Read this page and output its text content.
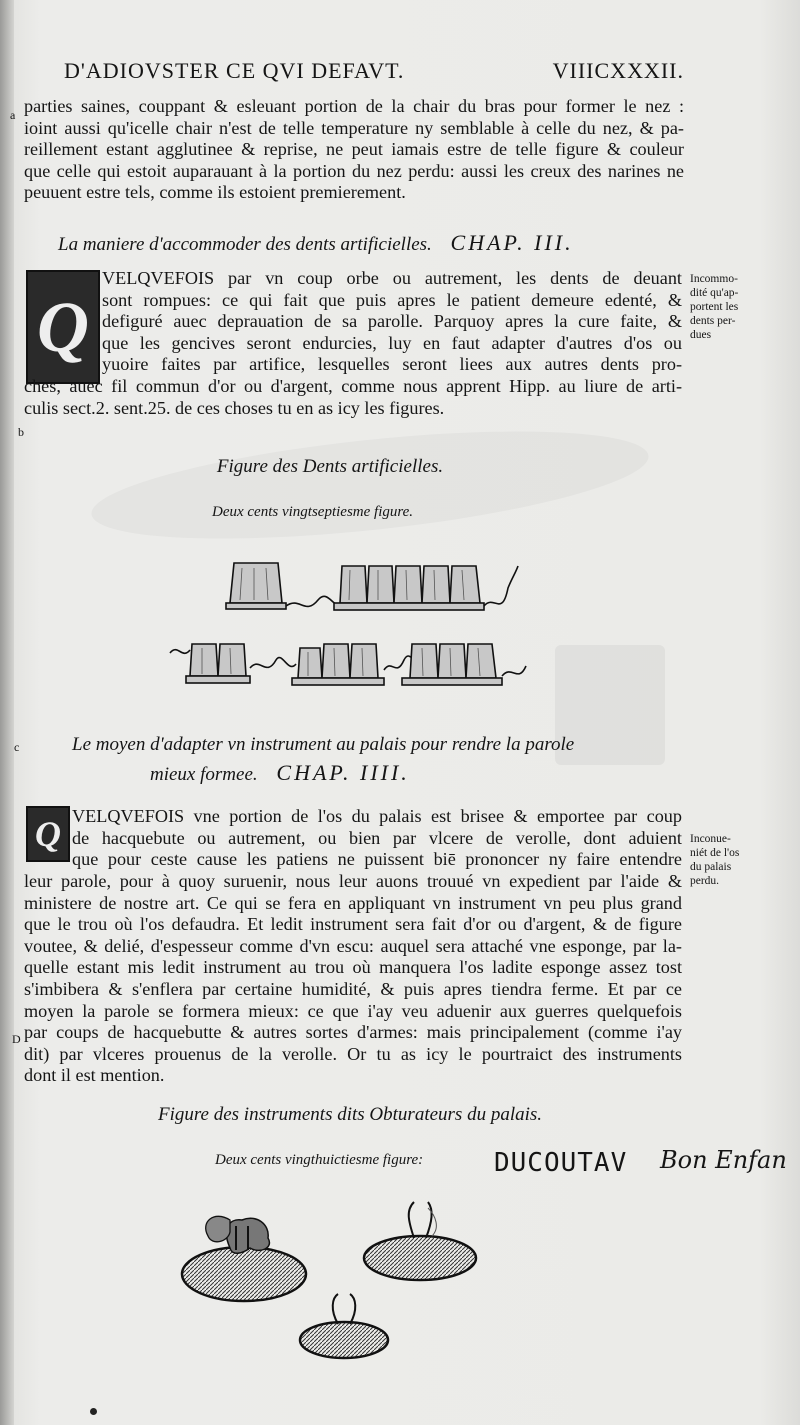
D'ADIOVSTER CE QVI DEFAVT.	VIIICXXXII.
parties saines, couppant & esleuant portion de la chair du bras pour former le nez :
ioint aussi qu'icelle chair n'est de telle temperature ny semblable à celle du nez, & pa-
reillement estant agglutinee & reprise, ne peut iamais estre de telle figure & couleur
que celle qui estoit auparauant à la portion du nez perdu: aussi les creux des narines ne
peuuent estre tels, comme ils estoient premierement.
La maniere d'accommoder des dents artificielles. CHAP. III.
Q
VELQVEFOIS par vn coup orbe ou autrement, les dents de deuant
sont rompues: ce qui fait que puis apres le patient demeure edenté, &
defiguré auec deprauation de sa parolle. Parquoy apres la cure faite, &
que les gencives seront endurcies, luy en faut adapter d'autres d'os ou
yuoire faites par artifice, lesquelles seront liees aux autres dents pro-
ches, auec fil commun d'or ou d'argent, comme nous apprent Hipp. au liure de arti-
culis sect.2. sent.25. de ces choses tu en as icy les figures.
Incommo-
dité qu'ap-
portent les
dents per-
dues
a
b
Figure des Dents artificielles.
Deux cents vingtseptiesme figure.
Le moyen d'adapter vn instrument au palais pour rendre la parole
mieux formee. CHAP. IIII.
c
Q VELQVEFOIS vne portion de l'os du palais est brisee & emportee par coup
de hacquebute ou autrement, ou bien par vlcere de verolle, dont aduient
que pour ceste cause les patiens ne puissent biē prononcer ny faire entendre
leur parole, pour à quoy suruenir, nous leur auons trouué vn expedient par l'aide &
ministere de nostre art. Ce qui se fera en appliquant vn instrument vn peu plus grand
que le trou où l'os defaudra. Et ledit instrument sera fait d'or ou d'argent, & de figure
voutee, & delié, d'espesseur comme d'vn escu: auquel sera attaché vne esponge, par la-
quelle estant mis ledit instrument au trou où manquera l'os ladite esponge assez tost
s'imbibera & s'enflera par certaine humidité, & puis apres tiendra ferme. Et par ce
moyen la parole se formera mieux: ce que i'ay veu aduenir aux guerres quelquefois
par coups de hacquebutte & autres sortes d'armes: mais principalement (comme i'ay
dit) par vlceres prouenus de la verolle. Or tu as icy le pourtraict des instruments
dont il est mention.
D
Inconue-
niét de l'os
du palais
perdu.
Figure des instruments dits Obturateurs du palais.
Deux cents vingthuictiesme figure:	DUCOUTAV Bon Enfan
